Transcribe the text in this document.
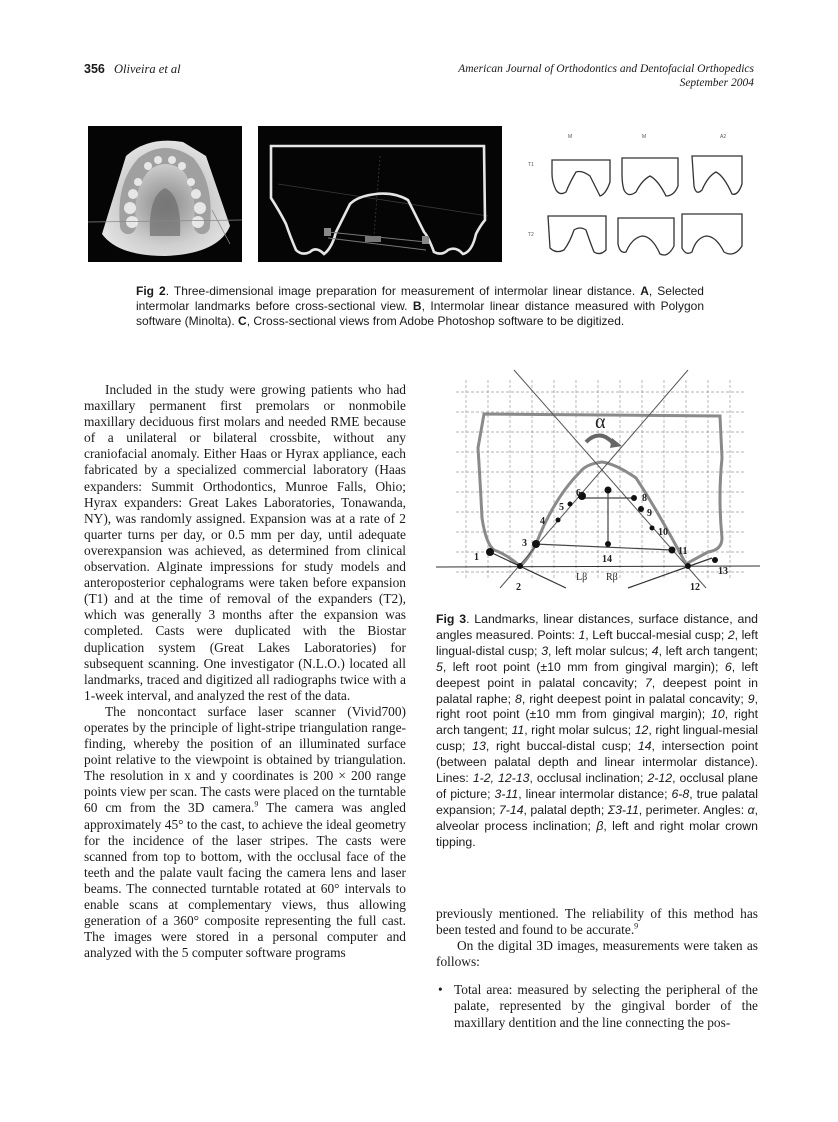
356 Oliveira et al	American Journal of Orthodontics and Dentofacial Orthopedics
September 2004
M	M	A2
T1
T2
Fig 2. Three-dimensional image preparation for measurement of intermolar linear distance. A, Selected intermolar landmarks before cross-sectional view. B, Intermolar linear distance measured with Polygon software (Minolta). C, Cross-sectional views from Adobe Photoshop software to be digitized.

Included in the study were growing patients who had maxillary permanent first premolars or nonmobile maxillary deciduous first molars and needed RME because of a unilateral or bilateral crossbite, without any craniofacial anomaly. Either Haas or Hyrax appliance, each fabricated by a specialized commercial laboratory (Haas expanders: Summit Orthodontics, Munroe Falls, Ohio; Hyrax expanders: Great Lakes Laboratories, Tonawanda, NY), was randomly assigned. Expansion was at a rate of 2 quarter turns per day, or 0.5 mm per day, until adequate overexpansion was achieved, as determined from clinical observation. Alginate impressions for study models and anteroposterior cephalograms were taken before expansion (T1) and at the time of removal of the expanders (T2), which was generally 3 months after the expansion was completed. Casts were duplicated with the Biostar duplication system (Great Lakes Laboratories) for subsequent scanning. One investigator (N.L.O.) located all landmarks, traced and digitized all radiographs twice with a 1-week interval, and analyzed the rest of the data.

The noncontact surface laser scanner (Vivid700) operates by the principle of light-stripe triangulation range-finding, whereby the position of an illuminated surface point relative to the viewpoint is obtained by triangulation. The resolution in x and y coordinates is 200 × 200 range points view per scan. The casts were placed on the turntable 60 cm from the 3D camera.$^9$ The camera was angled approximately 45° to the cast, to achieve the ideal geometry for the incidence of the laser stripes. The casts were scanned from top to bottom, with the occlusal face of the teeth and the palate vault facing the camera lens and laser beams. The connected turntable rotated at 60° intervals to enable scans at complementary views, thus allowing generation of a 360° composite representing the full cast. The images were stored in a personal computer and analyzed with the 5 computer software programs

1
2
3
4
5
6	8
9
10
11
12
13
14
α
Lβ Rβ
Fig 3. Landmarks, linear distances, surface distance, and angles measured. Points: 1, Left buccal-mesial cusp; 2, left lingual-distal cusp; 3, left molar sulcus; 4, left arch tangent; 5, left root point (±10 mm from gingival margin); 6, left deepest point in palatal concavity; 7, deepest point in palatal raphe; 8, right deepest point in palatal concavity; 9, right root point (±10 mm from gingival margin); 10, right arch tangent; 11, right molar sulcus; 12, right lingual-mesial cusp; 13, right buccal-distal cusp; 14, intersection point (between palatal depth and linear intermolar distance). Lines: 1-2, 12-13, occlusal inclination; 2-12, occlusal plane of picture; 3-11, linear intermolar distance; 6-8, true palatal expansion; 7-14, palatal depth; Σ3-11, perimeter. Angles: α, alveolar process inclination; β, left and right molar crown tipping.

previously mentioned. The reliability of this method has been tested and found to be accurate.$^9$

On the digital 3D images, measurements were taken as follows:

• Total area: measured by selecting the peripheral of the palate, represented by the gingival border of the maxillary dentition and the line connecting the pos-
